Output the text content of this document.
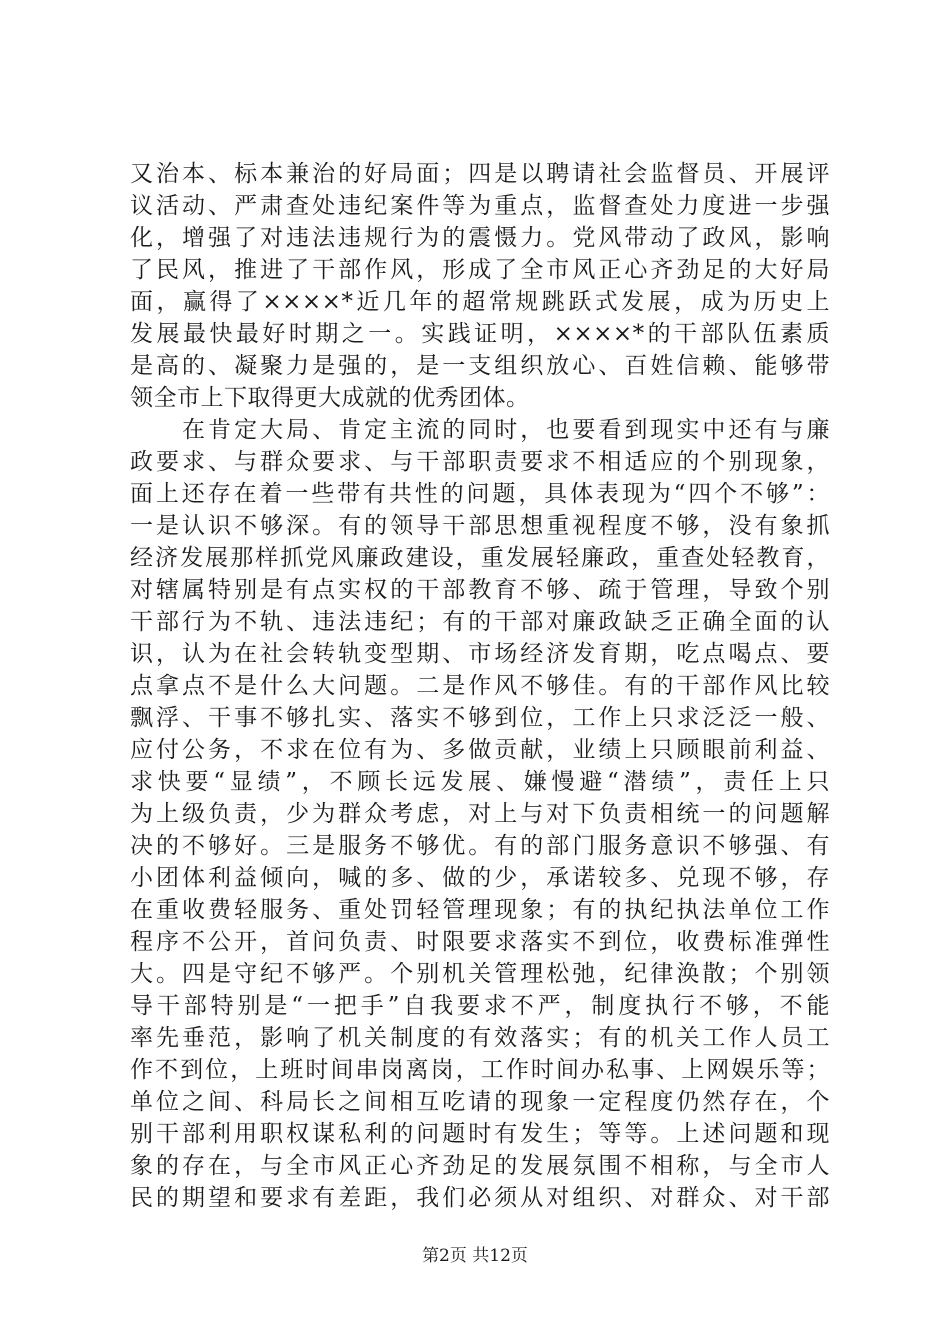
又治本、标本兼治的好局面；四是以聘请社会监督员、开展评
议活动、严肃查处违纪案件等为重点，监督查处力度进一步强
化，增强了对违法违规行为的震慑力。党风带动了政风，影响
了民风，推进了干部作风，形成了全市风正心齐劲足的大好局
面，赢得了××××*近几年的超常规跳跃式发展，成为历史上
发展最快最好时期之一。实践证明，××××*的干部队伍素质
是高的、凝聚力是强的，是一支组织放心、百姓信赖、能够带
领全市上下取得更大成就的优秀团体。
　　在肯定大局、肯定主流的同时，也要看到现实中还有与廉
政要求、与群众要求、与干部职责要求不相适应的个别现象，
面上还存在着一些带有共性的问题，具体表现为“四个不够”：
一是认识不够深。有的领导干部思想重视程度不够，没有象抓
经济发展那样抓党风廉政建设，重发展轻廉政，重查处轻教育，
对辖属特别是有点实权的干部教育不够、疏于管理，导致个别
干部行为不轨、违法违纪；有的干部对廉政缺乏正确全面的认
识，认为在社会转轨变型期、市场经济发育期，吃点喝点、要
点拿点不是什么大问题。二是作风不够佳。有的干部作风比较
飘浮、干事不够扎实、落实不够到位，工作上只求泛泛一般、
应付公务，不求在位有为、多做贡献，业绩上只顾眼前利益、
求快要“显绩”，不顾长远发展、嫌慢避“潜绩”，责任上只
为上级负责，少为群众考虑，对上与对下负责相统一的问题解
决的不够好。三是服务不够优。有的部门服务意识不够强、有
小团体利益倾向，喊的多、做的少，承诺较多、兑现不够，存
在重收费轻服务、重处罚轻管理现象；有的执纪执法单位工作
程序不公开，首问负责、时限要求落实不到位，收费标准弹性
大。四是守纪不够严。个别机关管理松弛，纪律涣散；个别领
导干部特别是“一把手”自我要求不严，制度执行不够，不能
率先垂范，影响了机关制度的有效落实；有的机关工作人员工
作不到位，上班时间串岗离岗，工作时间办私事、上网娱乐等；
单位之间、科局长之间相互吃请的现象一定程度仍然存在，个
别干部利用职权谋私利的问题时有发生；等等。上述问题和现
象的存在，与全市风正心齐劲足的发展氛围不相称，与全市人
民的期望和要求有差距，我们必须从对组织、对群众、对干部
第2页 共12页
